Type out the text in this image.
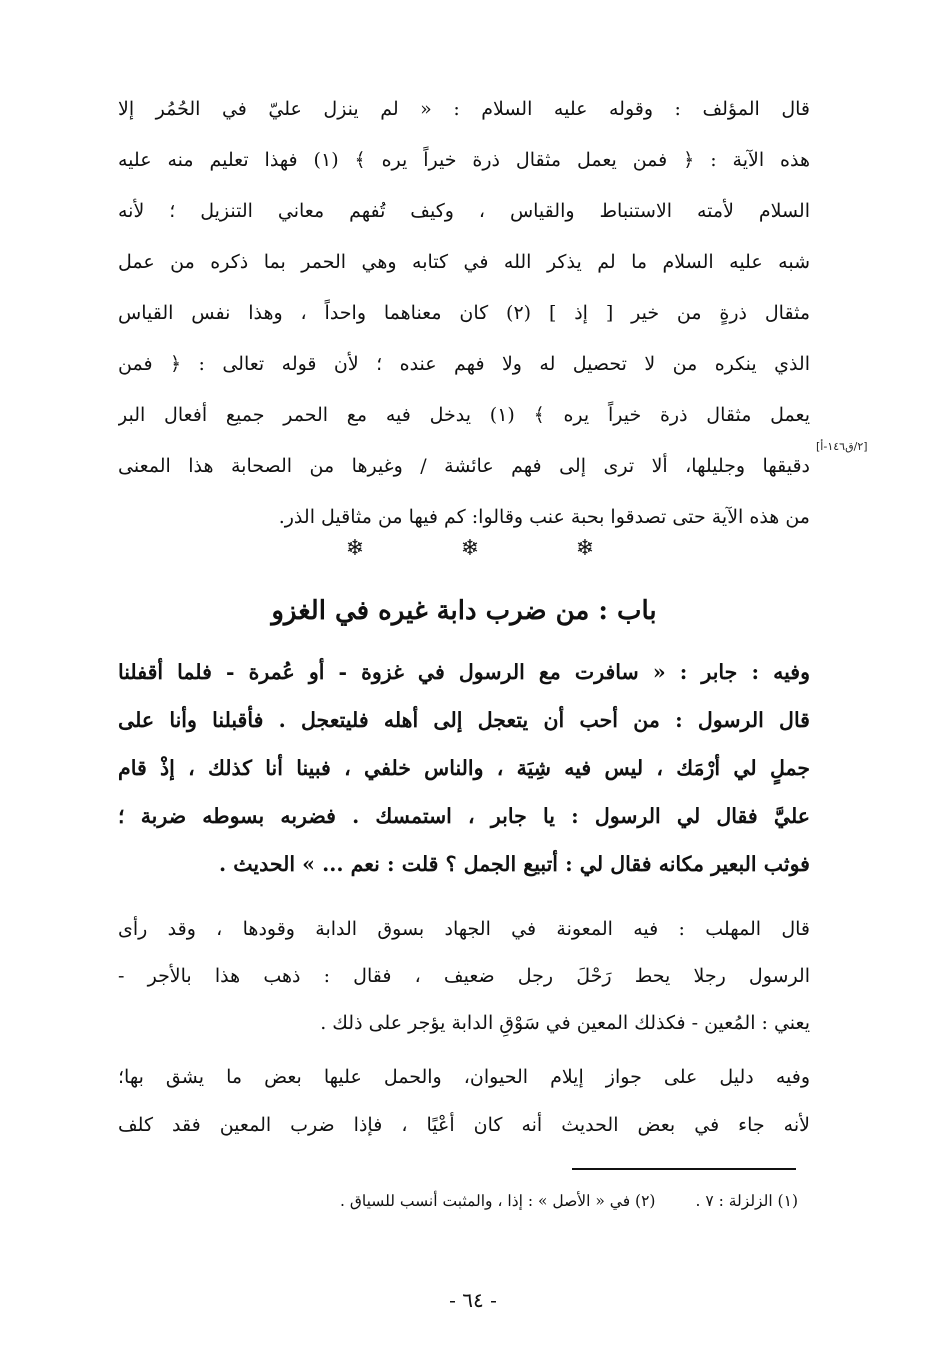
قال المؤلف : وقوله عليه السلام : « لم ينزل عليّ في الحُمُر إلا
هذه الآية : ﴿ فمن يعمل مثقال ذرة خيراً يره ﴾ (١) فهذا تعليم منه عليه
السلام لأمته الاستنباط والقياس ، وكيف تُفهم معاني التنزيل ؛ لأنه
شبه عليه السلام ما لم يذكر الله في كتابه وهي الحمر بما ذكره من عمل
مثقال ذرةٍ من خير [ إذ ] (٢) كان معناهما واحداً ، وهذا نفس القياس
الذي ينكره من لا تحصيل له ولا فهم عنده ؛ لأن قوله تعالى : ﴿ فمن
يعمل مثقال ذرة خيراً يره ﴾ (١) يدخل فيه مع الحمر جميع أفعال البر
دقيقها وجليلها، ألا ترى إلى فهم عائشة / وغيرها من الصحابة هذا المعنى
من هذه الآية حتى تصدقوا بحبة عنب وقالوا: كم فيها من مثاقيل الذر.
[٢/ق١٤٦-أ]
❄	❄	❄
باب : من ضرب دابة غيره في الغزو
وفيه : جابر : « سافرت مع الرسول في غزوة - أو عُمرة - فلما أقفلنا
قال الرسول : من أحب أن يتعجل إلى أهله فليتعجل . فأقبلنا وأنا على
جملٍ لي أرْمَك ، ليس فيه شِيَة ، والناس خلفي ، فبينا أنا كذلك ، إذْ قام
عليَّ فقال لي الرسول : يا جابر ، استمسك . فضربه بسوطه ضربة ؛
فوثب البعير مكانه فقال لي : أتبيع الجمل ؟ قلت : نعم ... » الحديث .
قال المهلب : فيه المعونة في الجهاد بسوق الدابة وقودها ، وقد رأى
الرسول رجلا يحط رَحْلَ رجل ضعيف ، فقال : ذهب هذا بالأجر -
يعني : المُعين - فكذلك المعين في سَوْقِ الدابة يؤجر على ذلك .
وفيه دليل على جواز إيلام الحيوان، والحمل عليها بعض ما يشق بها؛
لأنه جاء في بعض الحديث أنه كان أعْيًا ، فإذا ضرب المعين فقد كلف
(١) الزلزلة : ٧ .
(٢) في « الأصل » : إذا ، والمثبت أنسب للسياق .
- ٦٤ -
